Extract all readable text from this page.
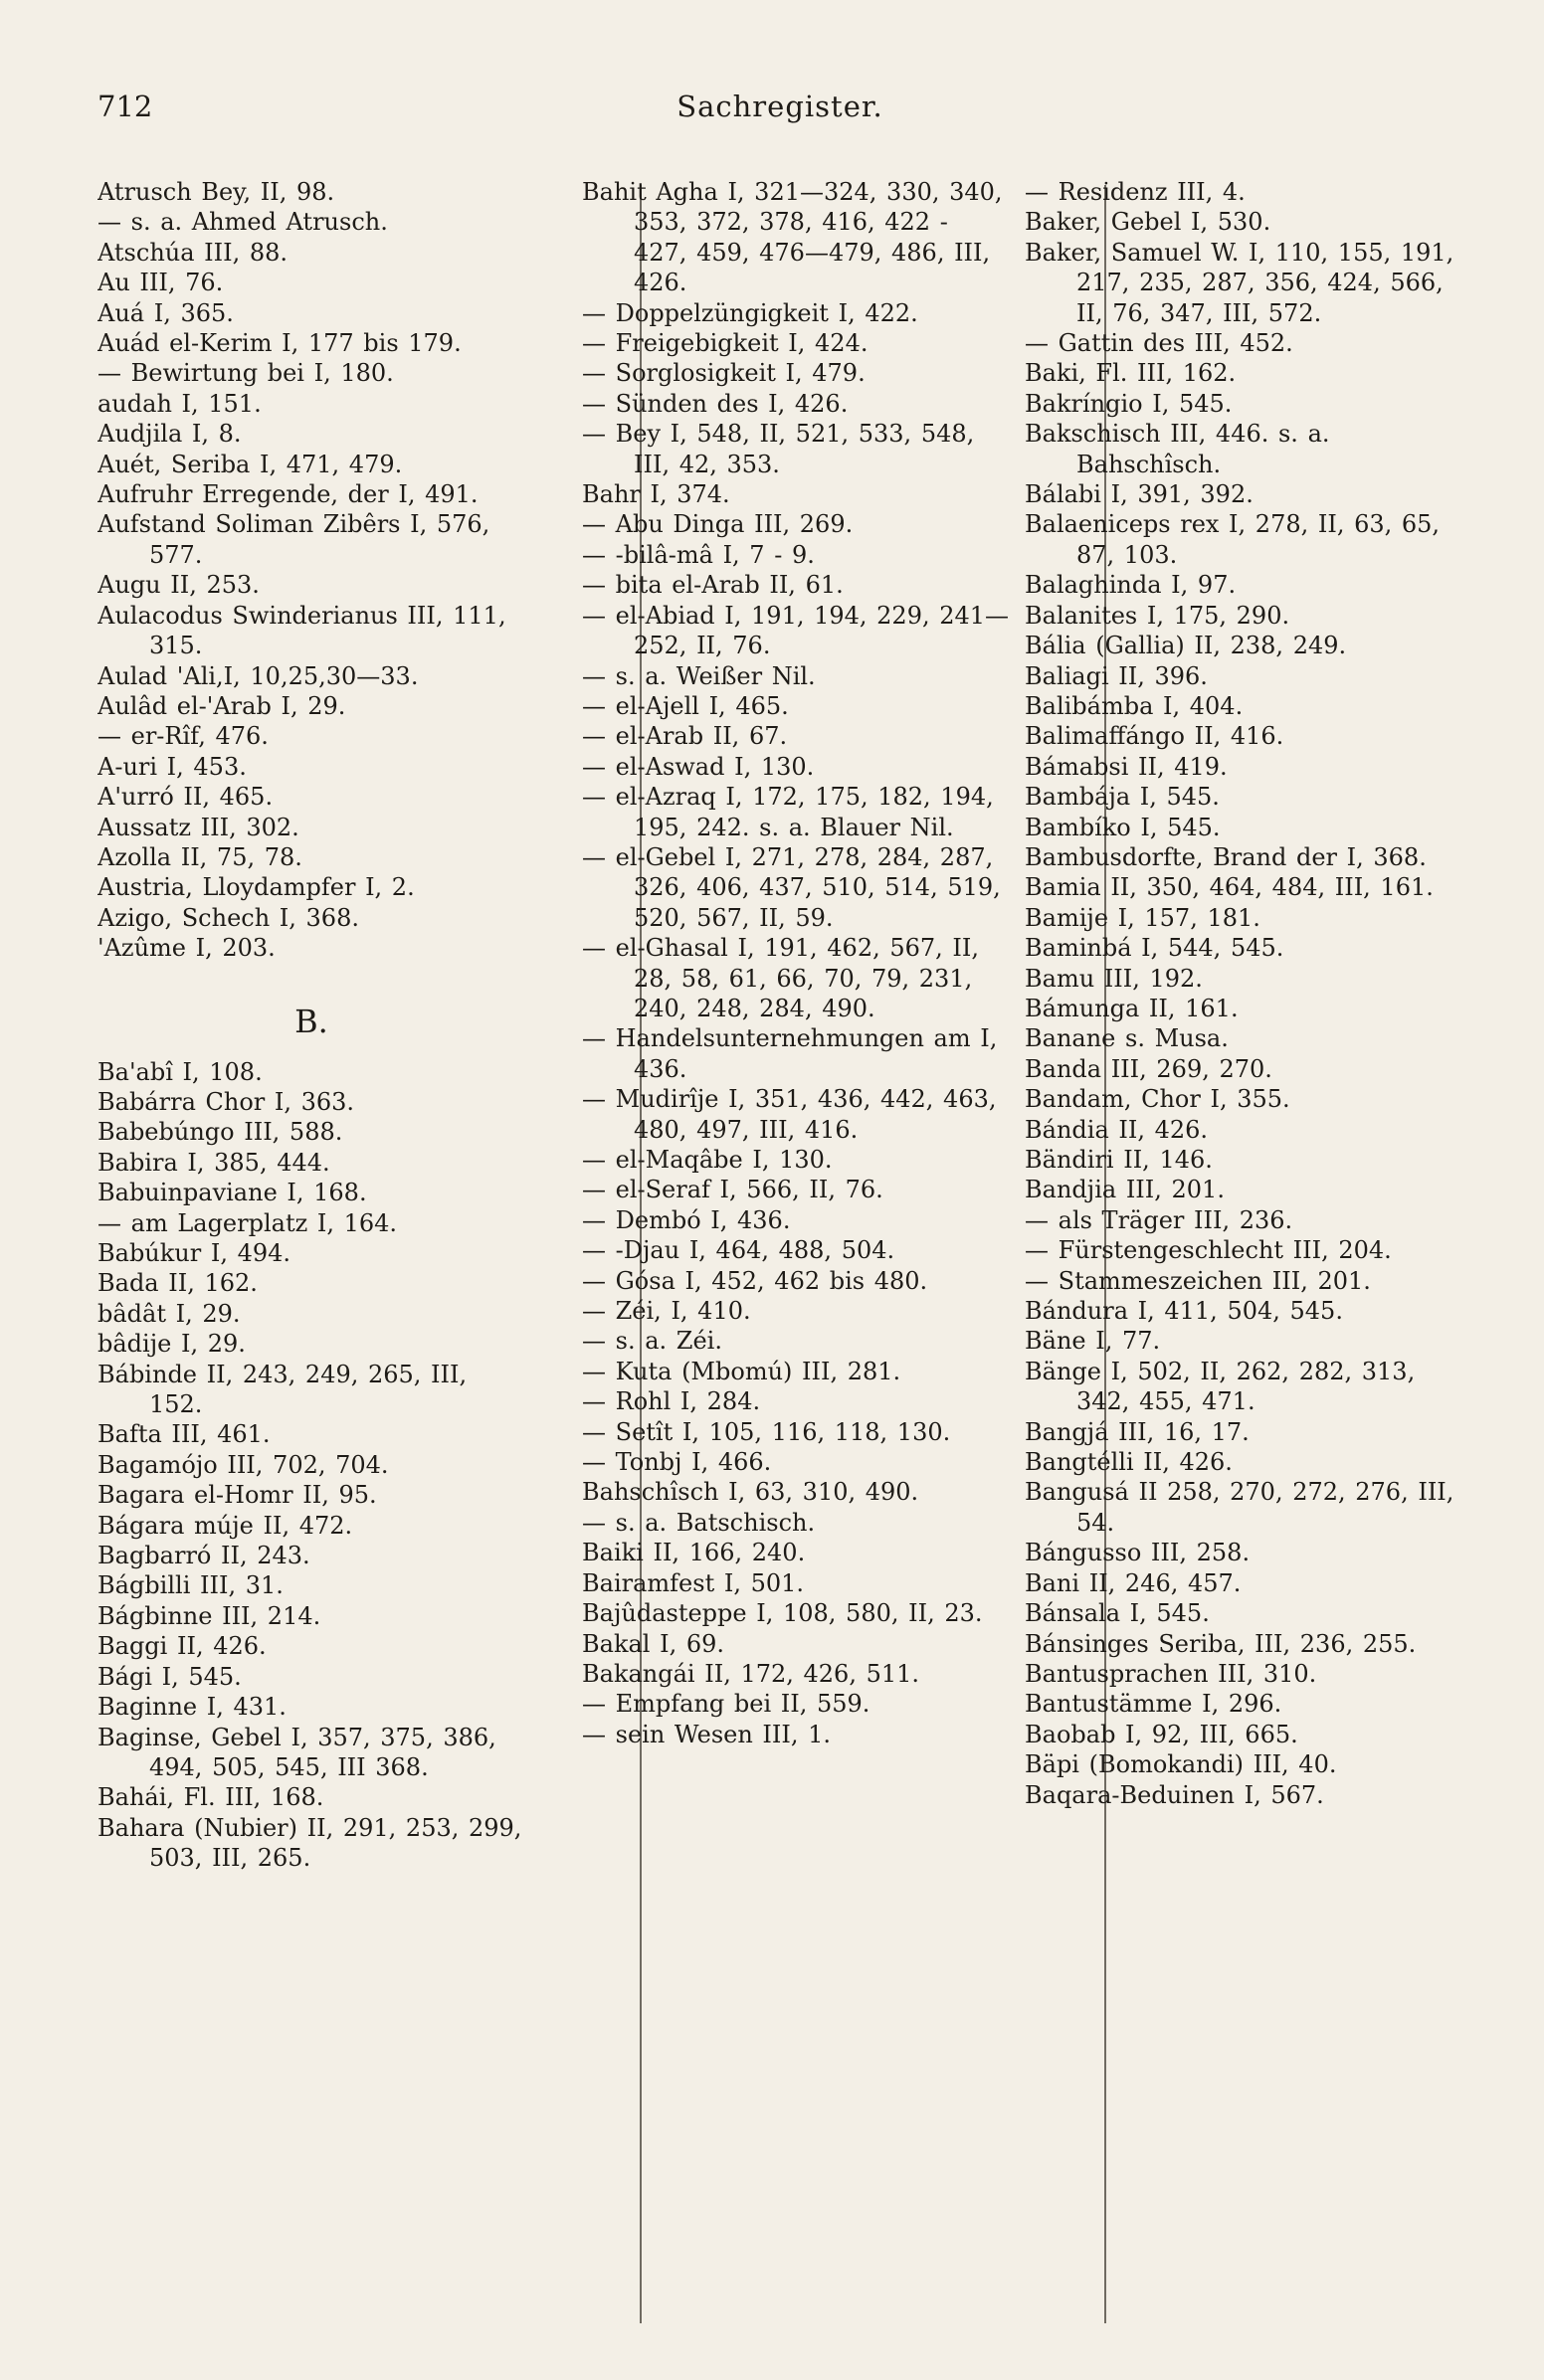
712	Sachregister.
Atrusch Bey, II, 98.
— s. a. Ahmed Atrusch.
Atschúa III, 88.
Au III, 76.
Auá I, 365.
Auád el-Kerim I, 177 bis 179.
— Bewirtung bei I, 180.
audah I, 151.
Audjila I, 8.
Auét, Seriba I, 471, 479.
Aufruhr Erregende, der I, 491.
Aufstand Soliman Zibêrs I, 576, 577.
Augu II, 253.
Aulacodus Swinderianus III, 111, 315.
Aulad 'Ali,I, 10,25,30—33.
Aulâd el-'Arab I, 29.
— er-Rîf, 476.
A-uri I, 453.
A'urró II, 465.
Aussatz III, 302.
Azolla II, 75, 78.
Austria, Lloydampfer I, 2.
Azigo, Schech I, 368.
'Azûme I, 203.
B.
Ba'abî I, 108.
Babárra Chor I, 363.
Babebúngo III, 588.
Babira I, 385, 444.
Babuinpaviane I, 168.
— am Lagerplatz I, 164.
Babúkur I, 494.
Bada II, 162.
bâdât I, 29.
bâdije I, 29.
Bábinde II, 243, 249, 265, III, 152.
Bafta III, 461.
Bagamójo III, 702, 704.
Bagara el-Homr II, 95.
Bágara múje II, 472.
Bagbarró II, 243.
Bágbilli III, 31.
Bágbinne III, 214.
Baggi II, 426.
Bági I, 545.
Baginne I, 431.
Baginse, Gebel I, 357, 375, 386, 494, 505, 545, III 368.
Bahái, Fl. III, 168.
Bahara (Nubier) II, 291, 253, 299, 503, III, 265.
Bahit Agha I, 321—324, 330, 340, 353, 372, 378, 416, 422 - 427, 459, 476—479, 486, III, 426.
— Doppelzüngigkeit I, 422.
— Freigebigkeit I, 424.
— Sorglosigkeit I, 479.
— Sünden des I, 426.
— Bey I, 548, II, 521, 533, 548, III, 42, 353.
Bahr I, 374.
— Abu Dinga III, 269.
— -bilâ-mâ I, 7 - 9.
— bita el-Arab II, 61.
— el-Abiad I, 191, 194, 229, 241—252, II, 76.
— s. a. Weißer Nil.
— el-Ajell I, 465.
— el-Arab II, 67.
— el-Aswad I, 130.
— el-Azraq I, 172, 175, 182, 194, 195, 242. s. a. Blauer Nil.
— el-Gebel I, 271, 278, 284, 287, 326, 406, 437, 510, 514, 519, 520, 567, II, 59.
— el-Ghasal I, 191, 462, 567, II, 28, 58, 61, 66, 70, 79, 231, 240, 248, 284, 490.
— Handelsunternehmungen am I, 436.
— Mudirîje I, 351, 436, 442, 463, 480, 497, III, 416.
— el-Maqâbe I, 130.
— el-Seraf I, 566, II, 76.
— Dembó I, 436.
— -Djau I, 464, 488, 504.
— Gósa I, 452, 462 bis 480.
— Zéi, I, 410.
— s. a. Zéi.
— Kuta (Mbomú) III, 281.
— Rohl I, 284.
— Setît I, 105, 116, 118, 130.
— Tonbj I, 466.
Bahschîsch I, 63, 310, 490.
— s. a. Batschisch.
Baiki II, 166, 240.
Bairamfest I, 501.
Bajûdasteppe I, 108, 580, II, 23.
Bakal I, 69.
Bakangái II, 172, 426, 511.
— Empfang bei II, 559.
— sein Wesen III, 1.
— Residenz III, 4.
Baker, Gebel I, 530.
Baker, Samuel W. I, 110, 155, 191, 217, 235, 287, 356, 424, 566, II, 76, 347, III, 572.
— Gattin des III, 452.
Baki, Fl. III, 162.
Bakríngio I, 545.
Bakschisch III, 446. s. a. Bahschîsch.
Bálabi I, 391, 392.
Balaeniceps rex I, 278, II, 63, 65, 87, 103.
Balaghinda I, 97.
Balanites I, 175, 290.
Bália (Gallia) II, 238, 249.
Baliagi II, 396.
Balibámba I, 404.
Balimaffángo II, 416.
Bámabsi II, 419.
Bambája I, 545.
Bambíko I, 545.
Bambusdorfte, Brand der I, 368.
Bamia II, 350, 464, 484, III, 161.
Bamije I, 157, 181.
Baminbá I, 544, 545.
Bamu III, 192.
Bámunga II, 161.
Banane s. Musa.
Banda III, 269, 270.
Bandam, Chor I, 355.
Bándia II, 426.
Bändiri II, 146.
Bandjia III, 201.
— als Träger III, 236.
— Fürstengeschlecht III, 204.
— Stammeszeichen III, 201.
Bándura I, 411, 504, 545.
Bäne I, 77.
Bänge I, 502, II, 262, 282, 313, 342, 455, 471.
Bangjá III, 16, 17.
Bangtélli II, 426.
Bangusá II 258, 270, 272, 276, III, 54.
Bángusso III, 258.
Bani II, 246, 457.
Bánsala I, 545.
Bánsinges Seriba, III, 236, 255.
Bantusprachen III, 310.
Bantustämme I, 296.
Baobab I, 92, III, 665.
Bäpi (Bomokandi) III, 40.
Baqara-Beduinen I, 567.
